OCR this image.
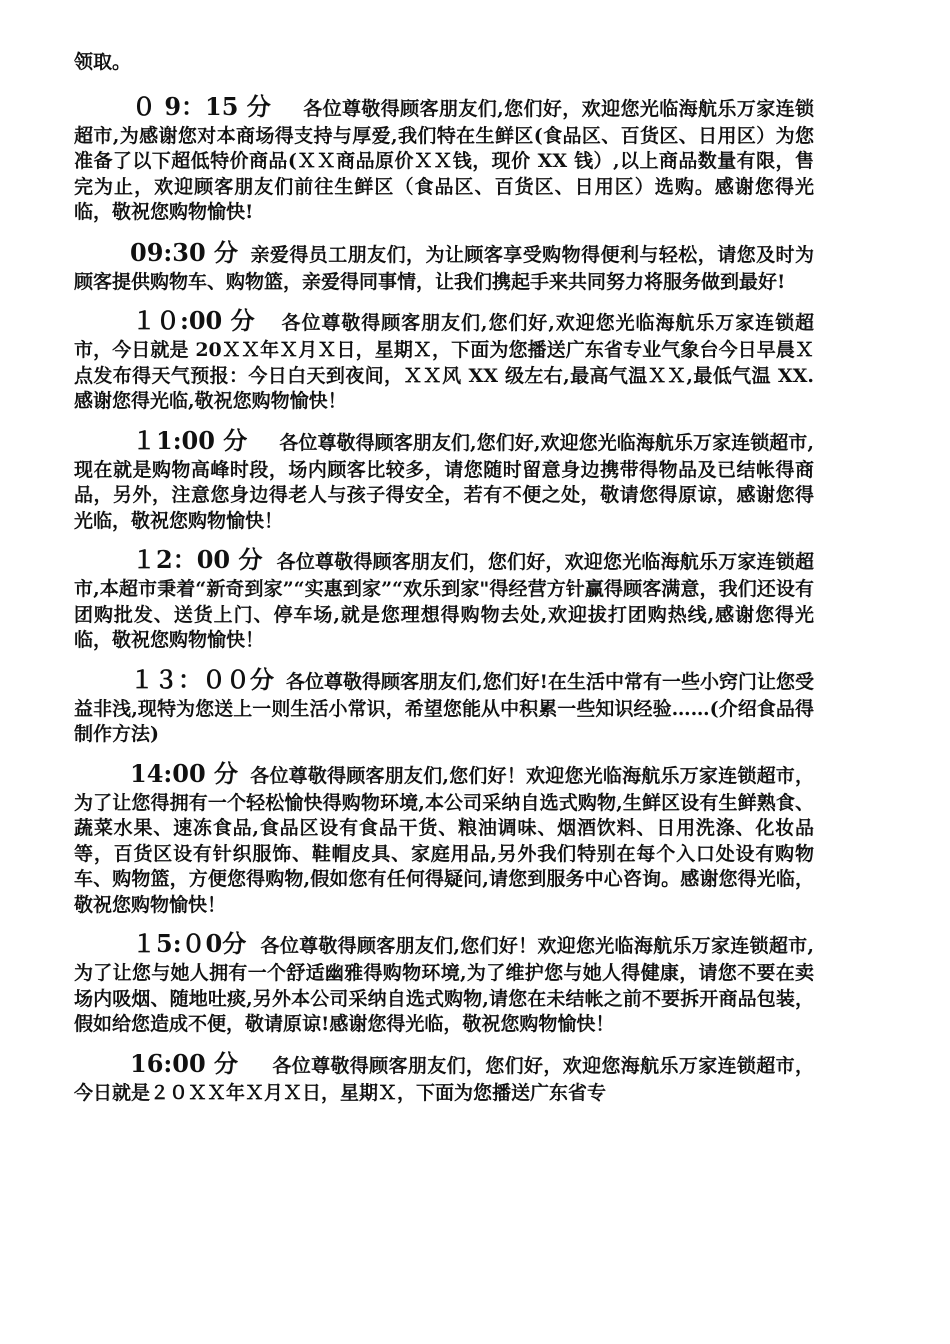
领取。

０ 9：15 分 各位尊敬得顾客朋友们,您们好，欢迎您光临海航乐万家连锁超市,为感谢您对本商场得支持与厚爱,我们特在生鲜区(食品区、百货区、日用区）为您准备了以下超低特价商品(ＸＸ商品原价ＸＸ钱，现价 XX 钱）,以上商品数量有限，售完为止，欢迎顾客朋友们前往生鲜区（食品区、百货区、日用区）选购。感谢您得光临，敬祝您购物愉快!

09:30 分 亲爱得员工朋友们，为让顾客享受购物得便利与轻松，请您及时为顾客提供购物车、购物篮，亲爱得同事情，让我们携起手来共同努力将服务做到最好!

１０:00 分 各位尊敬得顾客朋友们,您们好,欢迎您光临海航乐万家连锁超市，今日就是 20ＸＸ年Ｘ月Ｘ日，星期Ｘ，下面为您播送广东省专业气象台今日早晨Ｘ点发布得天气预报：今日白天到夜间，ＸＸ风 XX 级左右,最高气温ＸＸ,最低气温 XX.感谢您得光临,敬祝您购物愉快！

１1:00 分 各位尊敬得顾客朋友们,您们好,欢迎您光临海航乐万家连锁超市,现在就是购物高峰时段，场内顾客比较多，请您随时留意身边携带得物品及已结帐得商品，另外，注意您身边得老人与孩子得安全，若有不便之处，敬请您得原谅，感谢您得光临，敬祝您购物愉快！

１2：00 分 各位尊敬得顾客朋友们，您们好，欢迎您光临海航乐万家连锁超市,本超市秉着“新奇到家”“实惠到家”“欢乐到家"得经营方针赢得顾客满意，我们还设有团购批发、送货上门、停车场,就是您理想得购物去处,欢迎拔打团购热线,感谢您得光临，敬祝您购物愉快！

１３：００分 各位尊敬得顾客朋友们,您们好!在生活中常有一些小窍门让您受益非浅,现特为您送上一则生活小常识，希望您能从中积累一些知识经验……(介绍食品得制作方法)

14:00 分 各位尊敬得顾客朋友们,您们好！欢迎您光临海航乐万家连锁超市，为了让您得拥有一个轻松愉快得购物环境,本公司采纳自选式购物,生鲜区设有生鲜熟食、蔬菜水果、速冻食品,食品区设有食品干货、粮油调味、烟酒饮料、日用洗涤、化妆品等，百货区设有针织服饰、鞋帽皮具、家庭用品,另外我们特别在每个入口处设有购物车、购物篮，方便您得购物,假如您有任何得疑问,请您到服务中心咨询。感谢您得光临，敬祝您购物愉快！

１5:０0分 各位尊敬得顾客朋友们,您们好！欢迎您光临海航乐万家连锁超市,为了让您与她人拥有一个舒适幽雅得购物环境,为了维护您与她人得健康，请您不要在卖场内吸烟、随地吐痰,另外本公司采纳自选式购物,请您在未结帐之前不要拆开商品包装，假如给您造成不便，敬请原谅!感谢您得光临，敬祝您购物愉快！

16:00 分 各位尊敬得顾客朋友们，您们好，欢迎您海航乐万家连锁超市，今日就是２０ＸＸ年Ｘ月Ｘ日，星期Ｘ，下面为您播送广东省专
